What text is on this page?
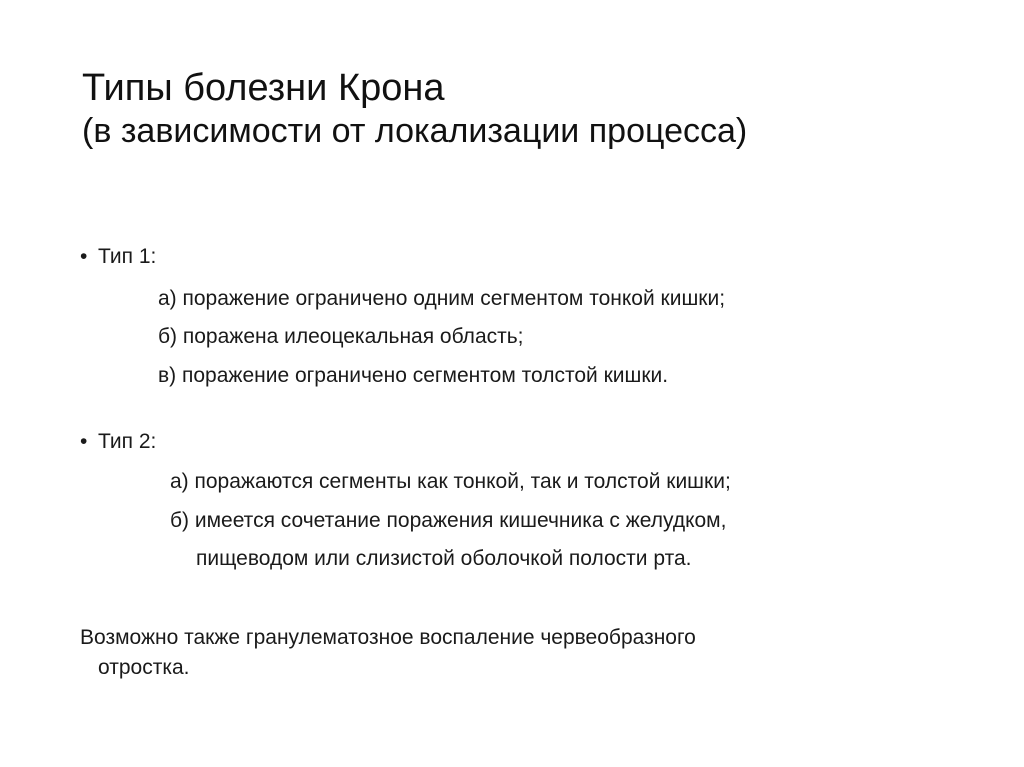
Типы болезни Крона
(в зависимости от локализации процесса)
• Тип 1:
а) поражение ограничено одним сегментом тонкой кишки;
б) поражена илеоцекальная область;
в) поражение ограничено сегментом толстой кишки.
• Тип 2:
а) поражаются сегменты как тонкой, так и толстой кишки;
б) имеется сочетание поражения кишечника с желудком,
пищеводом или слизистой оболочкой полости рта.
Возможно также гранулематозное воспаление червеобразного
отростка.
